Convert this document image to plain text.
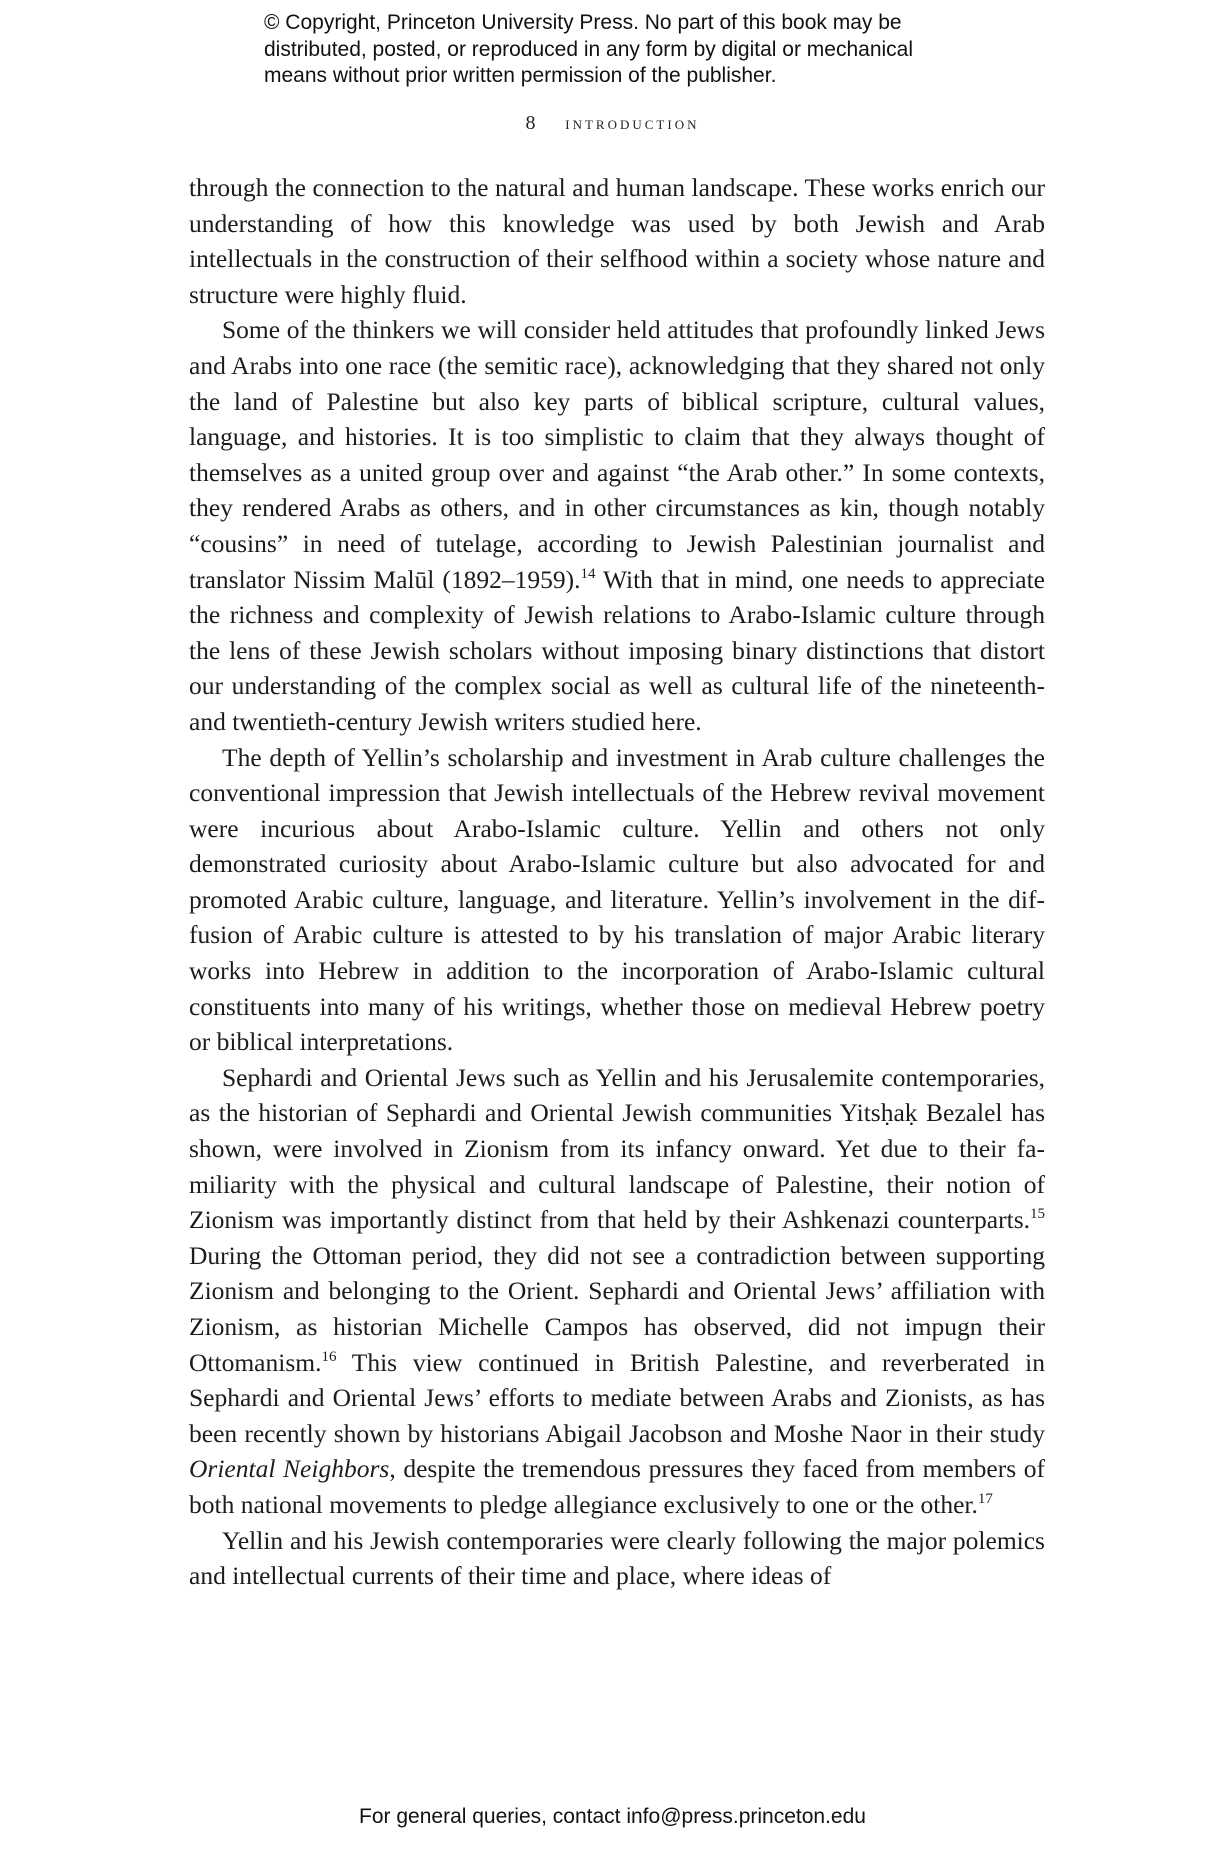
© Copyright, Princeton University Press. No part of this book may be
distributed, posted, or reproduced in any form by digital or mechanical
means without prior written permission of the publisher.
8 introduction

through the connection to the natural and human landscape. These works enrich our understanding of how this knowledge was used by both Jewish and Arab intellectuals in the construction of their selfhood within a society whose nature and structure were highly fluid.

Some of the thinkers we will consider held attitudes that profoundly linked Jews and Arabs into one race (the semitic race), acknowledging that they shared not only the land of Palestine but also key parts of biblical scripture, cultural values, language, and histories. It is too simplistic to claim that they always thought of themselves as a united group over and against “the Arab other.” In some contexts, they rendered Arabs as others, and in other circumstances as kin, though notably “cousins” in need of tutelage, according to Jewish Palestinian journalist and translator Nissim Malūl (1892–1959).$^{14}$ With that in mind, one needs to appreciate the richness and complexity of Jewish relations to Arabo-Islamic culture through the lens of these Jewish scholars without imposing binary distinctions that distort our understanding of the complex social as well as cultural life of the nineteenth- and twentieth-century Jewish writers studied here.

The depth of Yellin’s scholarship and investment in Arab culture challenges the conventional impression that Jewish intellectuals of the Hebrew revival movement were incurious about Arabo-Islamic culture. Yellin and others not only demonstrated curiosity about Arabo-Islamic culture but also advocated for and promoted Arabic culture, language, and literature. Yellin’s involvement in the diffusion of Arabic culture is attested to by his translation of major Arabic literary works into Hebrew in addition to the incorporation of Arabo-Islamic cultural constituents into many of his writings, whether those on medieval Hebrew poetry or biblical interpretations.

Sephardi and Oriental Jews such as Yellin and his Jerusalemite contemporaries, as the historian of Sephardi and Oriental Jewish communities Yitsḥaḳ Bezalel has shown, were involved in Zionism from its infancy onward. Yet due to their familiarity with the physical and cultural landscape of Palestine, their notion of Zionism was importantly distinct from that held by their Ashkenazi counterparts.$^{15}$ During the Ottoman period, they did not see a contradiction between supporting Zionism and belonging to the Orient. Sephardi and Oriental Jews’ affiliation with Zionism, as historian Michelle Campos has observed, did not impugn their Ottomanism.$^{16}$ This view continued in British Palestine, and reverberated in Sephardi and Oriental Jews’ efforts to mediate between Arabs and Zionists, as has been recently shown by historians Abigail Jacobson and Moshe Naor in their study Oriental Neighbors, despite the tremendous pressures they faced from members of both national movements to pledge allegiance exclusively to one or the other.$^{17}$

Yellin and his Jewish contemporaries were clearly following the major polemics and intellectual currents of their time and place, where ideas of

For general queries, contact info@press.princeton.edu
